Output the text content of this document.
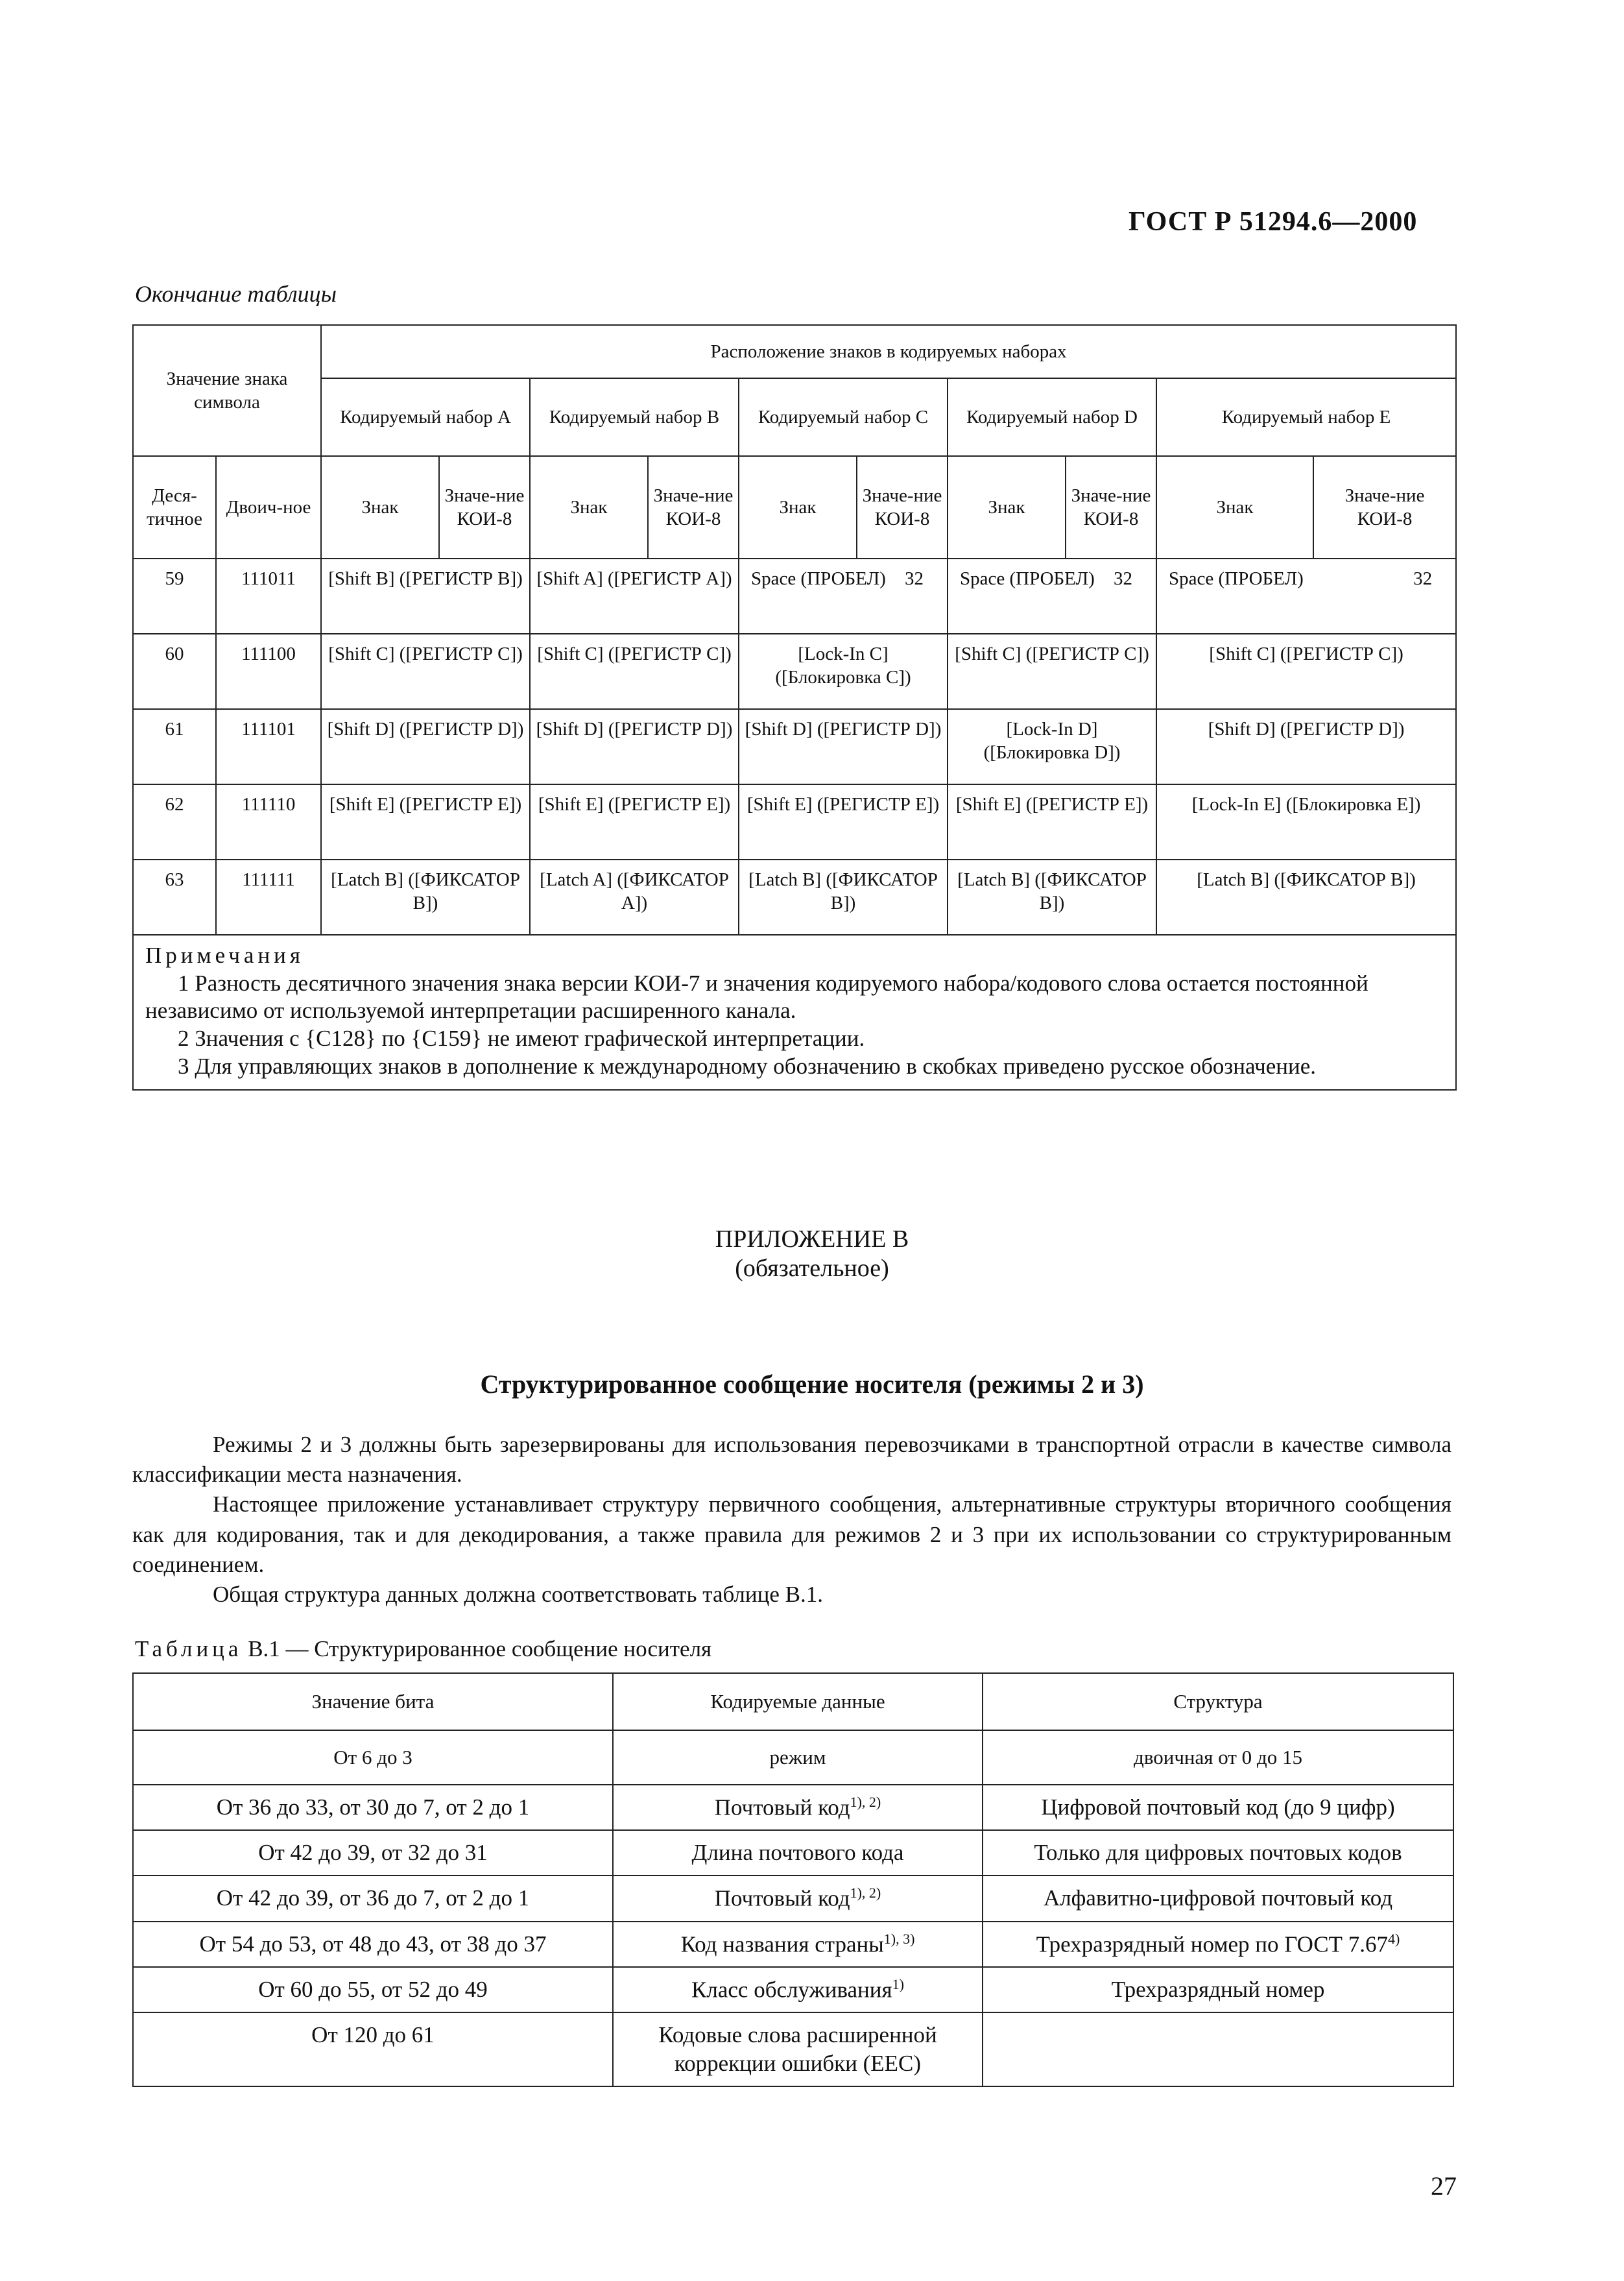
ГОСТ Р 51294.6—2000
Окончание таблицы
Значение знака символа		Расположение знаков в кодируемых наборах									
		Кодируемый набор A		Кодируемый набор B		Кодируемый набор C		Кодируемый набор D		Кодируемый набор E	
Деся-тичное	Двоич-ное	Знак	Значе-ние КОИ-8	Знак	Значе-ние КОИ-8	Знак	Значе-ние КОИ-8	Знак	Значе-ние КОИ-8	Знак	Значе-ние КОИ-8
59	111011	[Shift B] ([РЕГИСТР B])		[Shift A] ([РЕГИСТР A])		Space (ПРОБЕЛ) 32		Space (ПРОБЕЛ) 32		Space (ПРОБЕЛ) 32	

60	111100	[Shift C] ([РЕГИСТР C])		[Shift C] ([РЕГИСТР C])		[Lock-In C] ([Блокировка C])		[Shift C] ([РЕГИСТР C])		[Shift C] ([РЕГИСТР C])	
61	111101	[Shift D] ([РЕГИСТР D])		[Shift D] ([РЕГИСТР D])		[Shift D] ([РЕГИСТР D])		[Lock-In D] ([Блокировка D])		[Shift D] ([РЕГИСТР D])	
62	111110	[Shift E] ([РЕГИСТР E])		[Shift E] ([РЕГИСТР E])		[Shift E] ([РЕГИСТР E])		[Shift E] ([РЕГИСТР E])		[Lock-In E] ([Блокировка E])	
63	111111	[Latch B] ([ФИКСАТОР B])		[Latch A] ([ФИКСАТОР A])		[Latch B] ([ФИКСАТОР B])		[Latch B] ([ФИКСАТОР B])		[Latch B] ([ФИКСАТОР B])	

Примечания

1 Разность десятичного значения знака версии КОИ-7 и значения кодируемого набора/кодового слова остается постоянной независимо от используемой интерпретации расширенного канала.

2 Значения с {С128} по {С159} не имеют графической интерпретации.

3 Для управляющих знаков в дополнение к международному обозначению в скобках приведено русское обозначение.											

ПРИЛОЖЕНИЕ В
(обязательное)
Структурированное сообщение носителя (режимы 2 и 3)

Режимы 2 и 3 должны быть зарезервированы для использования перевозчиками в транспортной отрасли в качестве символа классификации места назначения.

Настоящее приложение устанавливает структуру первичного сообщения, альтернативные структуры вторичного сообщения как для кодирования, так и для декодирования, а также правила для режимов 2 и 3 при их использовании со структурированным соединением.

Общая структура данных должна соответствовать таблице В.1.

Таблица В.1 — Структурированное сообщение носителя
Значение бита	Кодируемые данные	Структура
От 6 до 3	режим	двоичная от 0 до 15
От 36 до 33, от 30 до 7, от 2 до 1	Почтовый код$^{1), 2)}$	Цифровой почтовый код (до 9 цифр)
От 42 до 39, от 32 до 31	Длина почтового кода	Только для цифровых почтовых кодов
От 42 до 39, от 36 до 7, от 2 до 1	Почтовый код$^{1), 2)}$	Алфавитно-цифровой почтовый код
От 54 до 53, от 48 до 43, от 38 до 37	Код названия страны$^{1), 3)}$	Трехразрядный номер по ГОСТ 7.67$^{4)}$
От 60 до 55, от 52 до 49	Класс обслуживания$^{1)}$	Трехразрядный номер
От 120 до 61	Кодовые слова расширенной коррекции ошибки (ЕЕС)	
27
